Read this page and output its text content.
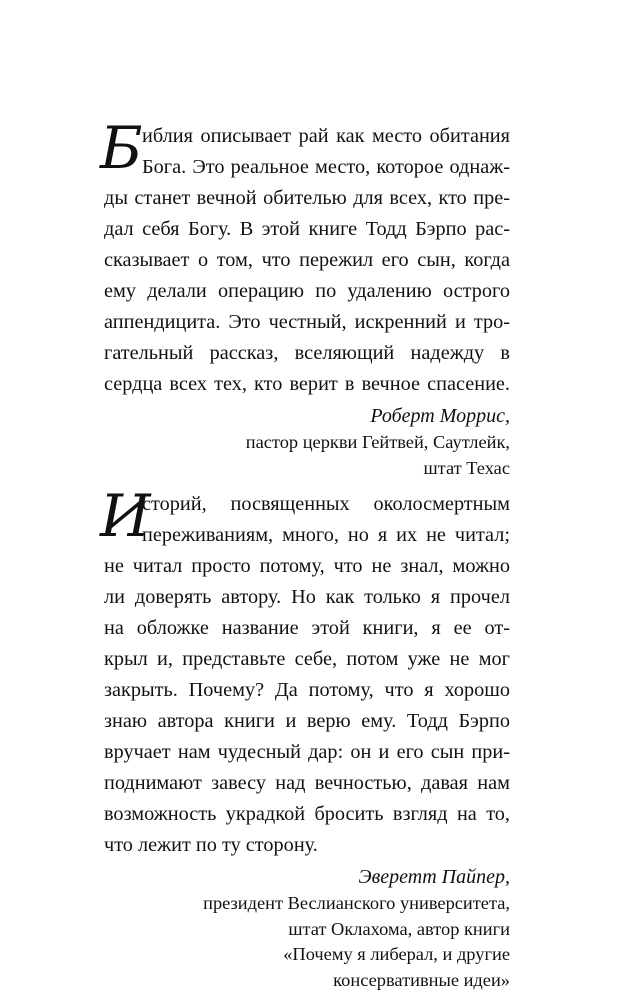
Б иблия описывает рай как место обитания
Бога. Это реальное место, которое однаж-
ды станет вечной обителью для всех, кто пре-
дал себя Богу. В этой книге Тодд Бэрпо рас-
сказывает о том, что пережил его сын, когда
ему делали операцию по удалению острого
аппендицита. Это честный, искренний и тро-
гательный рассказ, вселяющий надежду в
сердца всех тех, кто верит в вечное спасение.
Роберт Моррис,
пастор церкви Гейтвей, Саутлейк,
штат Техас
И
сторий, посвященных околосмертным
переживаниям, много, но я их не читал;
не читал просто потому, что не знал, можно
ли доверять автору. Но как только я прочел
на обложке название этой книги, я ее от-
крыл и, представьте себе, потом уже не мог
закрыть. Почему? Да потому, что я хорошо
знаю автора книги и верю ему. Тодд Бэрпо
вручает нам чудесный дар: он и его сын при-
поднимают завесу над вечностью, давая нам
возможность украдкой бросить взгляд на то,
что лежит по ту сторону.
Эверетт Пайпер,
президент Веслианского университета,
штат Оклахома, автор книги
«Почему я либерал, и другие
консервативные идеи»
